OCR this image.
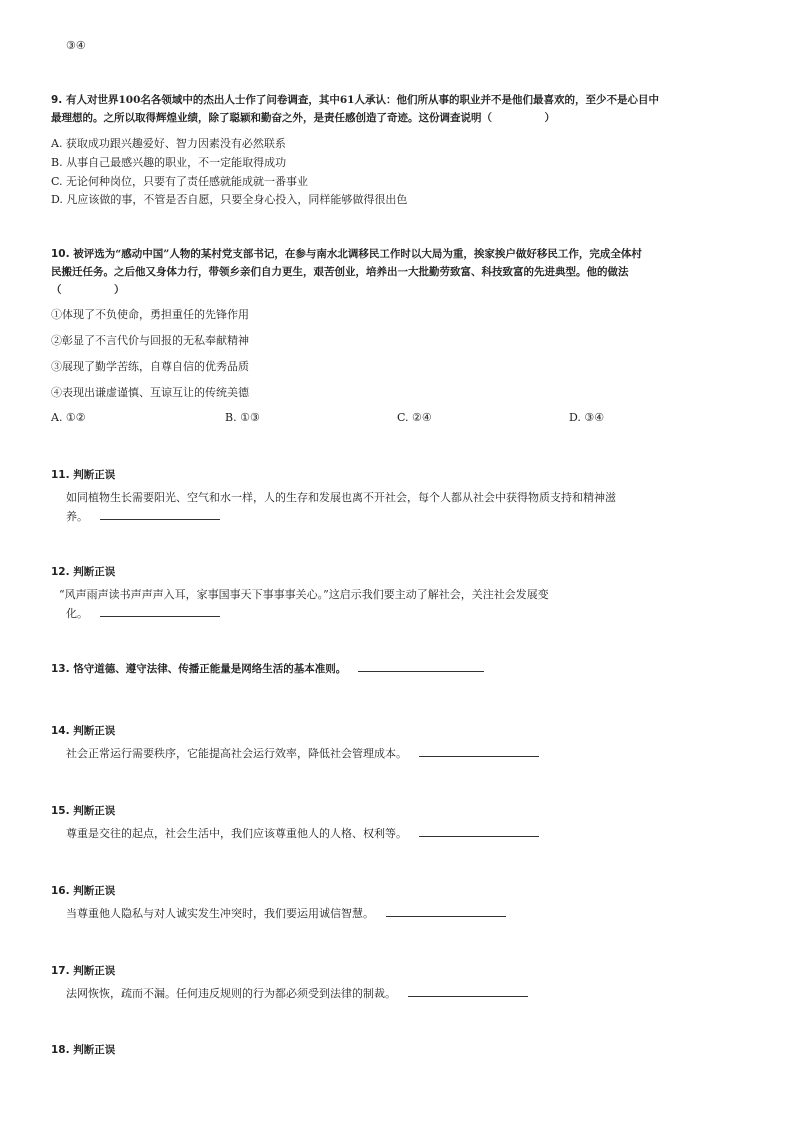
③④
9. 有人对世界100名各领域中的杰出人士作了问卷调查，其中61人承认：他们所从事的职业并不是他们最喜欢的，至少不是心目中
最理想的。之所以取得辉煌业绩，除了聪颖和勤奋之外，是责任感创造了奇迹。这份调查说明（　　　　　）
A. 获取成功跟兴趣爱好、智力因素没有必然联系
B. 从事自己最感兴趣的职业，不一定能取得成功
C. 无论何种岗位，只要有了责任感就能成就一番事业
D. 凡应该做的事，不管是否自愿，只要全身心投入，同样能够做得很出色
10. 被评选为“感动中国”人物的某村党支部书记，在参与南水北调移民工作时以大局为重，挨家挨户做好移民工作，完成全体村
民搬迁任务。之后他又身体力行，带领乡亲们自力更生，艰苦创业，培养出一大批勤劳致富、科技致富的先进典型。他的做法
（　　　　　）
①体现了不负使命，勇担重任的先锋作用
②彰显了不言代价与回报的无私奉献精神
③展现了勤学苦练，自尊自信的优秀品质
④表现出谦虚谨慎、互谅互让的传统美德
A. ①②	B. ①③	C. ②④	D. ③④
11. 判断正误
如同植物生长需要阳光、空气和水一样，人的生存和发展也离不开社会，每个人都从社会中获得物质支持和精神滋
养。
12. 判断正误
“风声雨声读书声声声入耳，家事国事天下事事事关心。”这启示我们要主动了解社会，关注社会发展变
化。
13. 恪守道德、遵守法律、传播正能量是网络生活的基本准则。
14. 判断正误
社会正常运行需要秩序，它能提高社会运行效率，降低社会管理成本。
15. 判断正误
尊重是交往的起点，社会生活中，我们应该尊重他人的人格、权利等。
16. 判断正误
当尊重他人隐私与对人诚实发生冲突时，我们要运用诚信智慧。
17. 判断正误
法网恢恢，疏而不漏。任何违反规则的行为都必须受到法律的制裁。
18. 判断正误
